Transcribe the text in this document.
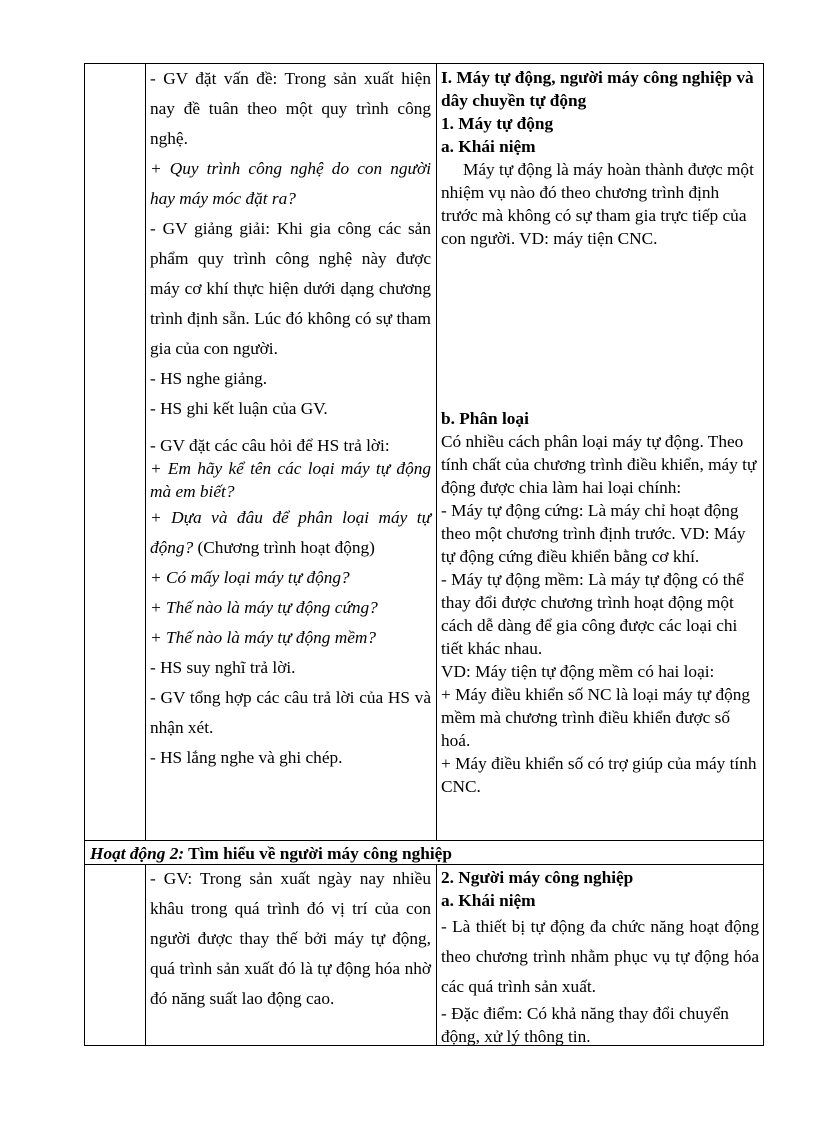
- GV đặt vấn đề: Trong sản xuất hiện nay đề tuân theo một quy trình công nghệ.

+ Quy trình công nghệ do con người hay máy móc đặt ra?

- GV giảng giải: Khi gia công các sản phẩm quy trình công nghệ này được máy cơ khí thực hiện dưới dạng chương trình định sẵn. Lúc đó không có sự tham gia của con người.

- HS nghe giảng.

- HS ghi kết luận của GV.

- GV đặt các câu hỏi để HS trả lời:

+ Em hãy kể tên các loại máy tự động mà em biết?

+ Dựa và đâu để phân loại máy tự động? (Chương trình hoạt động)

+ Có mấy loại máy tự động?

+ Thế nào là máy tự động cứng?

+ Thế nào là máy tự động mềm?

- HS suy nghĩ trả lời.

- GV tổng hợp các câu trả lời của HS và nhận xét.

- HS lắng nghe và ghi chép.

I. Máy tự động, người máy công nghiệp và dây chuyền tự động

1. Máy tự động

a. Khái niệm

Máy tự động là máy hoàn thành được một nhiệm vụ nào đó theo chương trình định trước mà không có sự tham gia trực tiếp của con người. VD: máy tiện CNC.

b. Phân loại

Có nhiều cách phân loại máy tự động. Theo tính chất của chương trình điều khiển, máy tự động được chia làm hai loại chính:

- Máy tự động cứng: Là máy chỉ hoạt động theo một chương trình định trước. VD: Máy tự động cứng điều khiển bằng cơ khí.

- Máy tự động mềm: Là máy tự động có thể thay đổi được chương trình hoạt động một cách dễ dàng để gia công được các loại chi tiết khác nhau.

VD: Máy tiện tự động mềm có hai loại:

+ Máy điều khiển số NC là loại máy tự động mềm mà chương trình điều khiển được số hoá.

+ Máy điều khiển số có trợ giúp của máy tính CNC.

Hoạt động 2: Tìm hiểu về người máy công nghiệp

- GV: Trong sản xuất ngày nay nhiều khâu trong quá trình đó vị trí của con người được thay thế bởi máy tự động, quá trình sản xuất đó là tự động hóa nhờ đó năng suất lao động cao.

2. Người máy công nghiệp

a. Khái niệm

- Là thiết bị tự động đa chức năng hoạt động theo chương trình nhằm phục vụ tự động hóa các quá trình sản xuất.

- Đặc điểm: Có khả năng thay đổi chuyển động, xử lý thông tin.
